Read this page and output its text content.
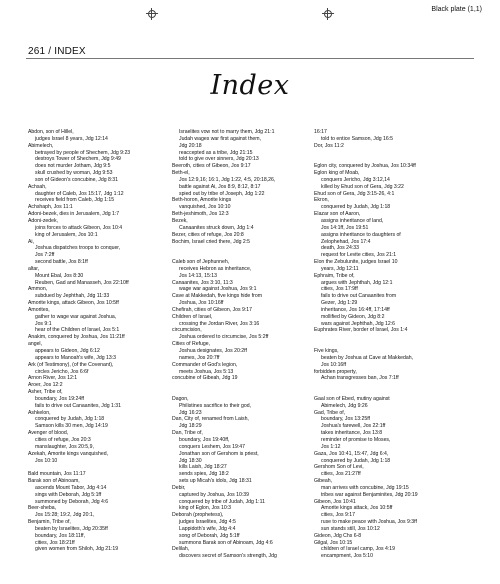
Black plate (1,1)
261 / INDEX
Index
Abdon, son of Hillel,
judges Israel 8 years, Jdg 12:14
Abimelech,
betrayed by people of Shechem, Jdg 9:23
destroys Tower of Shechem, Jdg 9:49
does not murder Jotham, Jdg 9:5
skull crushed by woman, Jdg 9:53
son of Gideon's concubine, Jdg 8:31
Achsah,
daughter of Caleb, Jos 15:17, Jdg 1:12
receives field from Caleb, Jdg 1:15
Achshaph, Jos 11:1
Adoni-bezek, dies in Jerusalem, Jdg 1:7
Adoni-zedek,
joins forces to attack Gibeon, Jos 10:4
king of Jerusalem, Jos 10:1
Ai,
Joshua dispatches troops to conquer,
Jos 7:2ff
second battle, Jos 8:1ff
altar,
Mount Ebal, Jos 8:30
Reuben, Gad and Manasseh, Jos 22:10ff
Ammon,
subdued by Jephthah, Jdg 11:33
Amorite kings, attack Gibeon, Jos 10:5ff
Amorites,
gather to wage war against Joshua,
Jos 9:1
hear of the Children of Israel, Jos 5:1
Anakim, conquered by Joshua, Jos 11:21ff
angel,
appears to Gideon, Jdg 6:12
appears to Manoah's wife, Jdg 13:3
Ark (of Testimony), (of the Covenant),
circles Jericho, Jos 6:6f
Arnon River, Jos 12:1
Aroer, Jos 12:2
Asher, Tribe of,
boundary, Jos 19:24ff
fails to drive out Canaanites, Jdg 1:31
Ashkelon,
conquered by Judah, Jdg 1:18
Samson kills 30 men, Jdg 14:19
Avenger of blood,
cities of refuge, Jos 20:3
manslaughter, Jos 20:5,9,
Azekah, Amorite kings vanquished,
Jos 10:10
Bald mountain, Jos 11:17
Barak son of Abinoam,
ascends Mount Tabor, Jdg 4:14
sings with Deborah, Jdg 5:1ff
summoned by Deborah, Jdg 4:6
Beer-sheba,
Jos 15:28; 19:2, Jdg 20:1,
Benjamin, Tribe of,
beaten by Israelites, Jdg 20:35ff
boundary, Jos 18:11ff,
cities, Jos 18:21ff
given women from Shiloh, Jdg 21:19
Israelites vow not to marry them, Jdg 21:1
Judah wages war first against them,
Jdg 20:18
reaccepted as a tribe, Jdg 21:15
told to give over sinners, Jdg 20:13
Beeroth, cities of Gibeon, Jos 9:17
Beth-el,
Jos 12:9,16; 16:1, Jdg 1:22, 4:5, 20:18,26,
battle against Ai, Jos 8:9, 8:12, 8:17
spied out by tribe of Joseph, Jdg 1:22
Beth-horon, Amorite kings
vanquished, Jos 10:10
Beth-jeshimoth, Jos 12:3
Bezek,
Canaanites struck down, Jdg 1:4
Bezer, cities of refuge, Jos 20:8
Bochim, Israel cried there, Jdg 2:5
Caleb son of Jephunneh,
receives Hebron as inheritance,
Jos 14:13, 15:13
Canaanites, Jos 3:10, 11:3
wage war against Joshua, Jos 9:1
Cave at Makkedah, five kings hide from
Joshua, Jos 10:16ff
Chefirah, cities of Gibeon, Jos 9:17
Children of Israel,
crossing the Jordan River, Jos 3:16
circumcision,
Joshua ordered to circumcise, Jos 5:2ff
Cities of Refuge,
Joshua designates, Jos 20:2ff
names, Jos 20:7ff
Commander of God's legion,
meets Joshua, Jos 5:13
concubine of Gibeah, Jdg 19
Dagon,
Philistines sacrifice to their god,
Jdg 16:23
Dan, City of, renamed from Laish,
Jdg 18:29
Dan, Tribe of,
boundary, Jos 19:40ff,
conquers Leshem, Jos 19:47
Jonathan son of Gershom is priest,
Jdg 18:30
kills Laish, Jdg 18:27
sends spies, Jdg 18:2
sets up Micah's idols, Jdg 18:31
Debir,
captured by Joshua, Jos 10:39
conquered by tribe of Judah, Jdg 1:11
king of Eglon, Jos 10:3
Deborah (prophetess),
judges Israelites, Jdg 4:5
Lappidoth's wife, Jdg 4:4
song of Deborah, Jdg 5:1ff
summons Barak son of Abinoam, Jdg 4:6
Delilah,
discovers secret of Samson's strength, Jdg
16:17
told to entice Samson, Jdg 16:5
Dor, Jos 11:2
Eglon city, conquered by Joshua, Jos 10:34ff
Eglon king of Moab,
conquers Jericho, Jdg 3:12,14
killed by Ehud son of Gera, Jdg 3:22
Ehud son of Gera, Jdg 3:15-26, 4:1
Ekron,
conquered by Judah, Jdg 1:18
Elazar son of Aaron,
assigns inheritance of land,
Jos 14:1ff, Jos 19:51
assigns inheritance to daughters of
Zelophehad, Jos 17:4
death, Jos 24:33
request for Levite cities, Jos 21:1
Elon the Zebulunite, judges Israel 10
years, Jdg 12:11
Ephraim, Tribe of,
argues with Jephthah, Jdg 12:1
cities, Jos 17:9ff
fails to drive out Canaanites from
Gezer, Jdg 1:29
inheritance, Jos 16:4ff, 17:14ff
mollified by Gideon, Jdg 8:2
wars against Jephthah, Jdg 12:6
Euphrates River, border of Israel, Jos 1:4
Five kings,
beaten by Joshua at Cave at Makkedah,
Jos 10:16ff
forbidden property,
Achan transgresses ban, Jos 7:1ff
Gaal son of Ebed, mutiny against
Abimelech, Jdg 9:26
Gad, Tribe of,
boundary, Jos 13:25ff
Joshua's farewell, Jos 22:1ff
takes inheritance, Jos 13:8
reminder of promise to Moses,
Jos 1:12
Gaza, Jos 10:41, 15:47, Jdg 6:4,
conquered by Judah, Jdg 1:18
Gershom Son of Levi,
cities, Jos 21:27ff
Gibeah,
man arrives with concubine, Jdg 19:15
tribes war against Benjaminites, Jdg 20:19
Gibeon, Jos 10:41
Amorite kings attack, Jos 10:5ff
cities, Jos 9:17
ruse to make peace with Joshua, Jos 9:3ff
sun stands still, Jos 10:12
Gideon, Jdg Chs 6-8
Gilgal, Jos 10:15
children of Israel camp, Jos 4:19
encampment, Jos 5:10
